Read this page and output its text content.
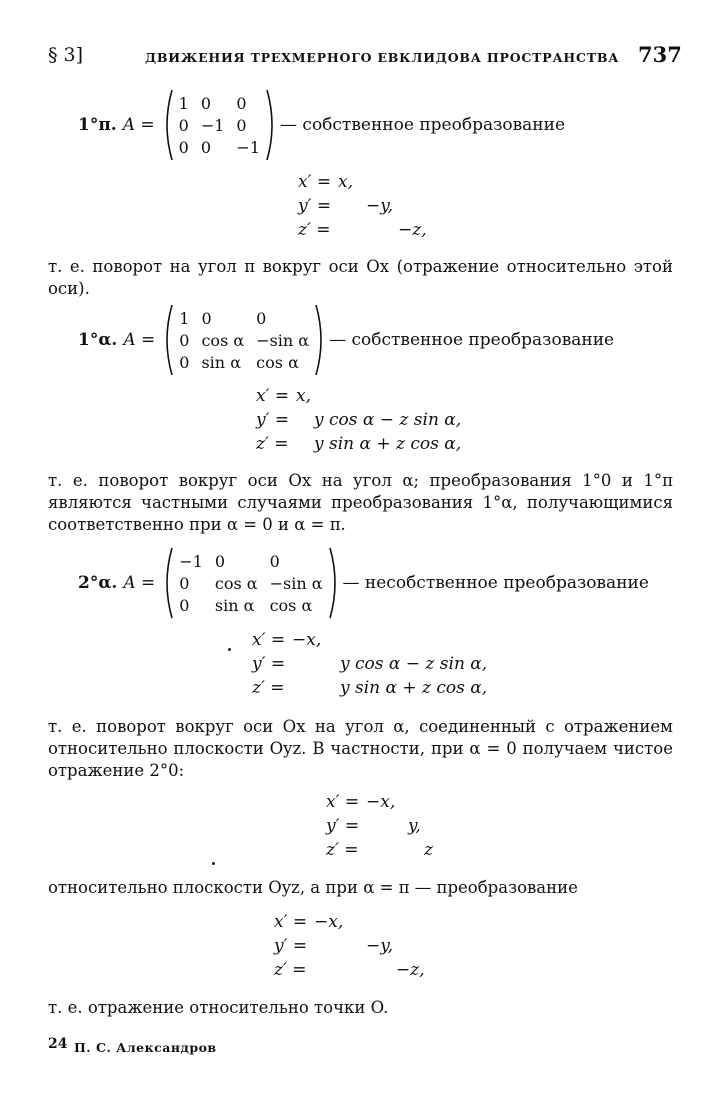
§ 3]	ДВИЖЕНИЯ ТРЕХМЕРНОГО ЕВКЛИДОВА ПРОСТРАНСТВА 737
1°π. A =
1	0	0
0	−1	0
0	0	−1
— собственное преобразование
x′ = x,
y′ =	−y,
z′ =	−z,
т. е. поворот на угол π вокруг оси Ox (отражение относительно этой оси).
1°α. A =
1	0	0
0	cos α	−sin α
0	sin α	cos α
— собственное преобразование
x′ = x,
y′ =	y cos α − z sin α,
z′ =	y sin α + z cos α,
т. е. поворот вокруг оси Ox на угол α; преобразования 1°0 и 1°π являются частными случаями преобразования 1°α, получающимися соответственно при α = 0 и α = π.
2°α. A =
−1	0	0
0	cos α	−sin α
0	sin α	cos α
— несобственное преобразование
x′ = −x,
y′ =	y cos α − z sin α,
z′ =	y sin α + z cos α,
т. е. поворот вокруг оси Ox на угол α, соединенный с отражением относительно плоскости Oyz. В частности, при α = 0 получаем чистое отражение 2°0:
x′ = −x,
y′ =	y,
z′ =	z
относительно плоскости Oyz, а при α = π — преобразование
x′ = −x,
y′ =	−y,
z′ =	−z,
т. е. отражение относительно точки O.
24 П. С. Александров
